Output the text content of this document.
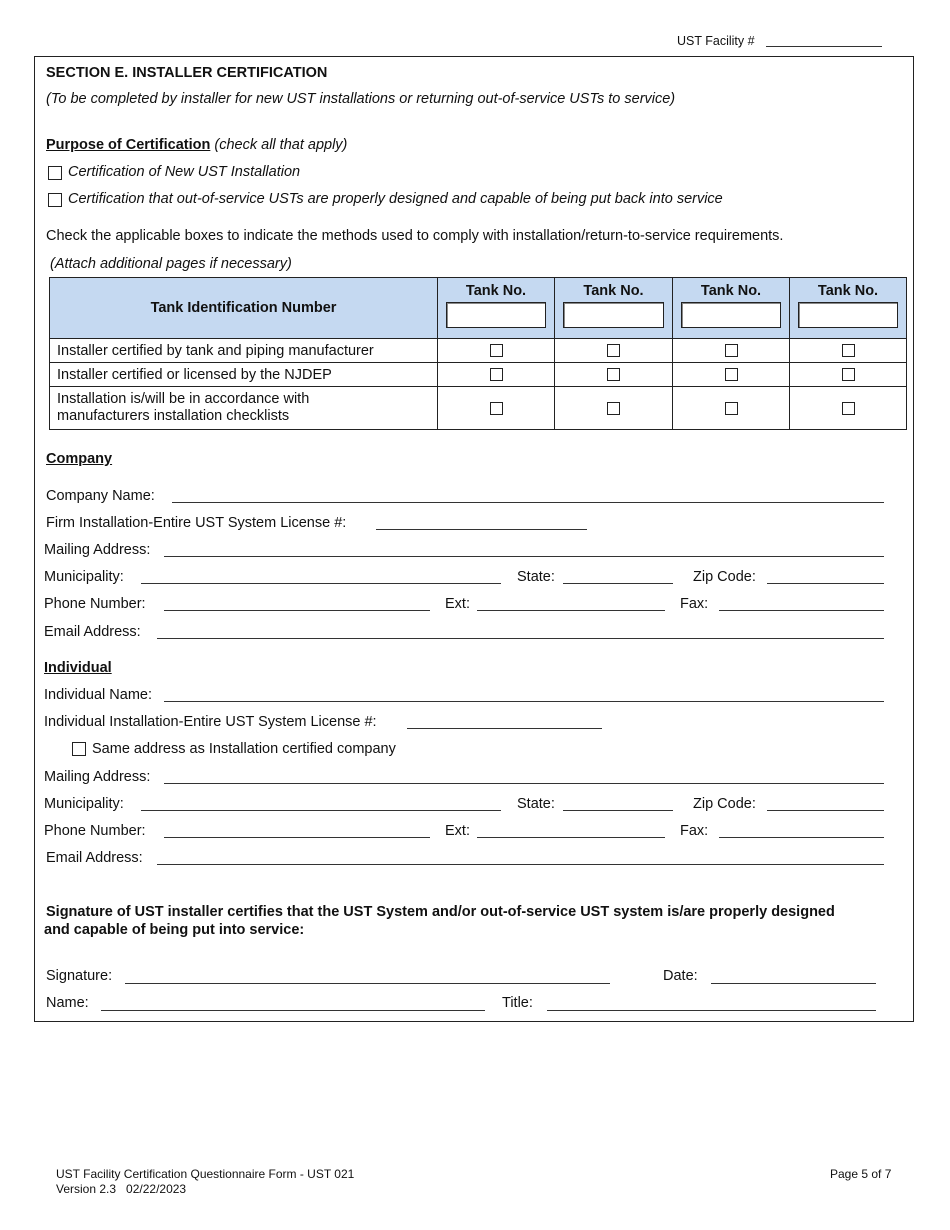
UST Facility #
SECTION E. INSTALLER CERTIFICATION
(To be completed by installer for new UST installations or returning out-of-service USTs to service)
Purpose of Certification (check all that apply)
Certification of New UST Installation
Certification that out-of-service USTs are properly designed and capable of being put back into service
Check the applicable boxes to indicate the methods used to comply with installation/return-to-service requirements.
(Attach additional pages if necessary)
Tank Identification Number	Tank No.	Tank No.	Tank No.	Tank No.

Installer certified by tank and piping manufacturer				
Installer certified or licensed by the NJDEP				
Installation is/will be in accordance with
manufacturers installation checklists				
Company
Company Name:
Firm Installation-Entire UST System License #:
Mailing Address:
Municipality:	State:	Zip Code:
Phone Number:	Ext:	Fax:
Email Address:
Individual
Individual Name:
Individual Installation-Entire UST System License #:
Same address as Installation certified company
Mailing Address:
Municipality:	State:	Zip Code:
Phone Number:	Ext:	Fax:
Email Address:
Signature of UST installer certifies that the UST System and/or out-of-service UST system is/are properly designed
and capable of being put into service:
Signature:	Date:
Name:	Title:
UST Facility Certification Questionnaire Form - UST 021
Version 2.3   02/22/2023
Page 5 of 7
